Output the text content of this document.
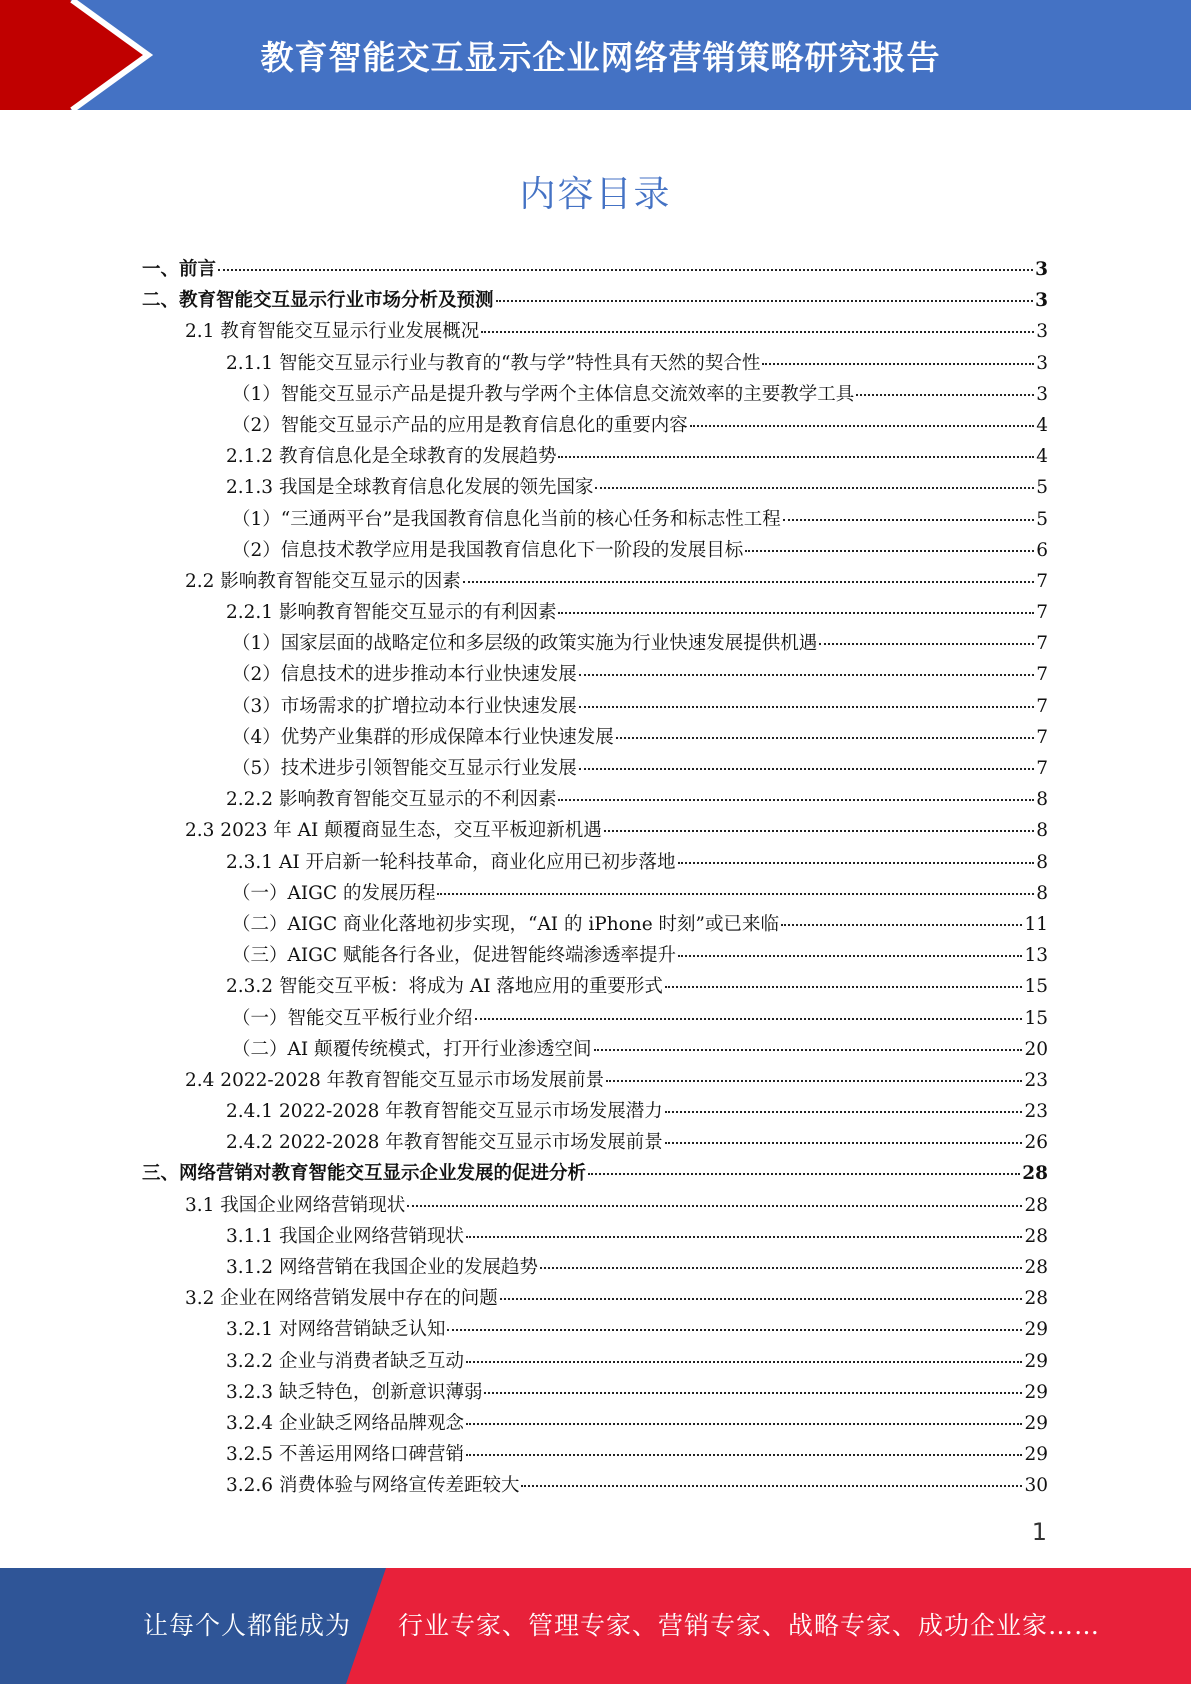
教育智能交互显示企业网络营销策略研究报告
内容目录
一、前言	3
二、教育智能交互显示行业市场分析及预测	3
2.1 教育智能交互显示行业发展概况	3
2.1.1 智能交互显示行业与教育的“教与学”特性具有天然的契合性	3
（1）智能交互显示产品是提升教与学两个主体信息交流效率的主要教学工具	3
（2）智能交互显示产品的应用是教育信息化的重要内容	4
2.1.2 教育信息化是全球教育的发展趋势	4
2.1.3 我国是全球教育信息化发展的领先国家	5
（1）“三通两平台”是我国教育信息化当前的核心任务和标志性工程	5
（2）信息技术教学应用是我国教育信息化下一阶段的发展目标	6
2.2 影响教育智能交互显示的因素	7
2.2.1 影响教育智能交互显示的有利因素	7
（1）国家层面的战略定位和多层级的政策实施为行业快速发展提供机遇	7
（2）信息技术的进步推动本行业快速发展	7
（3）市场需求的扩增拉动本行业快速发展	7
（4）优势产业集群的形成保障本行业快速发展	7
（5）技术进步引领智能交互显示行业发展	7
2.2.2 影响教育智能交互显示的不利因素	8
2.3 2023 年 AI 颠覆商显生态，交互平板迎新机遇	8
2.3.1 AI 开启新一轮科技革命，商业化应用已初步落地	8
（一）AIGC 的发展历程	8
（二）AIGC 商业化落地初步实现，“AI 的 iPhone 时刻”或已来临	11
（三）AIGC 赋能各行各业，促进智能终端渗透率提升	13
2.3.2 智能交互平板：将成为 AI 落地应用的重要形式	15
（一）智能交互平板行业介绍	15
（二）AI 颠覆传统模式，打开行业渗透空间	20
2.4 2022-2028 年教育智能交互显示市场发展前景	23
2.4.1 2022-2028 年教育智能交互显示市场发展潜力	23
2.4.2 2022-2028 年教育智能交互显示市场发展前景	26
三、网络营销对教育智能交互显示企业发展的促进分析	28
3.1 我国企业网络营销现状	28
3.1.1 我国企业网络营销现状	28
3.1.2 网络营销在我国企业的发展趋势	28
3.2 企业在网络营销发展中存在的问题	28
3.2.1 对网络营销缺乏认知	29
3.2.2 企业与消费者缺乏互动	29
3.2.3 缺乏特色，创新意识薄弱	29
3.2.4 企业缺乏网络品牌观念	29
3.2.5 不善运用网络口碑营销	29
3.2.6 消费体验与网络宣传差距较大	30
1
让每个人都能成为 行业专家、管理专家、营销专家、战略专家、成功企业家……
